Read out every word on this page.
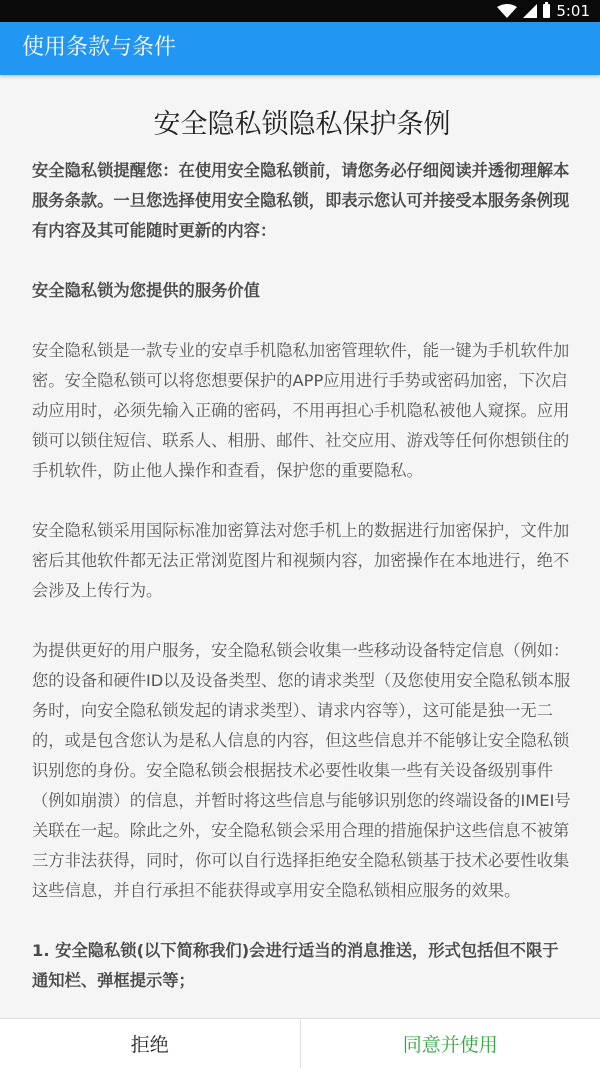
5:01
使用条款与条件
安全隐私锁隐私保护条例
安全隐私锁提醒您：在使用安全隐私锁前，请您务必仔细阅读并透彻理解本服务条款。一旦您选择使用安全隐私锁，即表示您认可并接受本服务条例现有内容及其可能随时更新的内容：
安全隐私锁为您提供的服务价值
安全隐私锁是一款专业的安卓手机隐私加密管理软件，能一键为手机软件加密。安全隐私锁可以将您想要保护的APP应用进行手势或密码加密，下次启动应用时，必须先输入正确的密码，不用再担心手机隐私被他人窥探。应用锁可以锁住短信、联系人、相册、邮件、社交应用、游戏等任何你想锁住的手机软件，防止他人操作和查看，保护您的重要隐私。
安全隐私锁采用国际标准加密算法对您手机上的数据进行加密保护，文件加密后其他软件都无法正常浏览图片和视频内容，加密操作在本地进行，绝不会涉及上传行为。
为提供更好的用户服务，安全隐私锁会收集一些移动设备特定信息（例如：您的设备和硬件ID以及设备类型、您的请求类型（及您使用安全隐私锁本服务时，向安全隐私锁发起的请求类型）、请求内容等），这可能是独一无二的，或是包含您认为是私人信息的内容，但这些信息并不能够让安全隐私锁识别您的身份。安全隐私锁会根据技术必要性收集一些有关设备级别事件（例如崩溃）的信息，并暂时将这些信息与能够识别您的终端设备的IMEI号关联在一起。除此之外，安全隐私锁会采用合理的措施保护这些信息不被第三方非法获得，同时，你可以自行选择拒绝安全隐私锁基于技术必要性收集这些信息，并自行承担不能获得或享用安全隐私锁相应服务的效果。
1. 安全隐私锁(以下简称我们)会进行适当的消息推送，形式包括但不限于通知栏、弹框提示等；
拒绝	同意并使用
